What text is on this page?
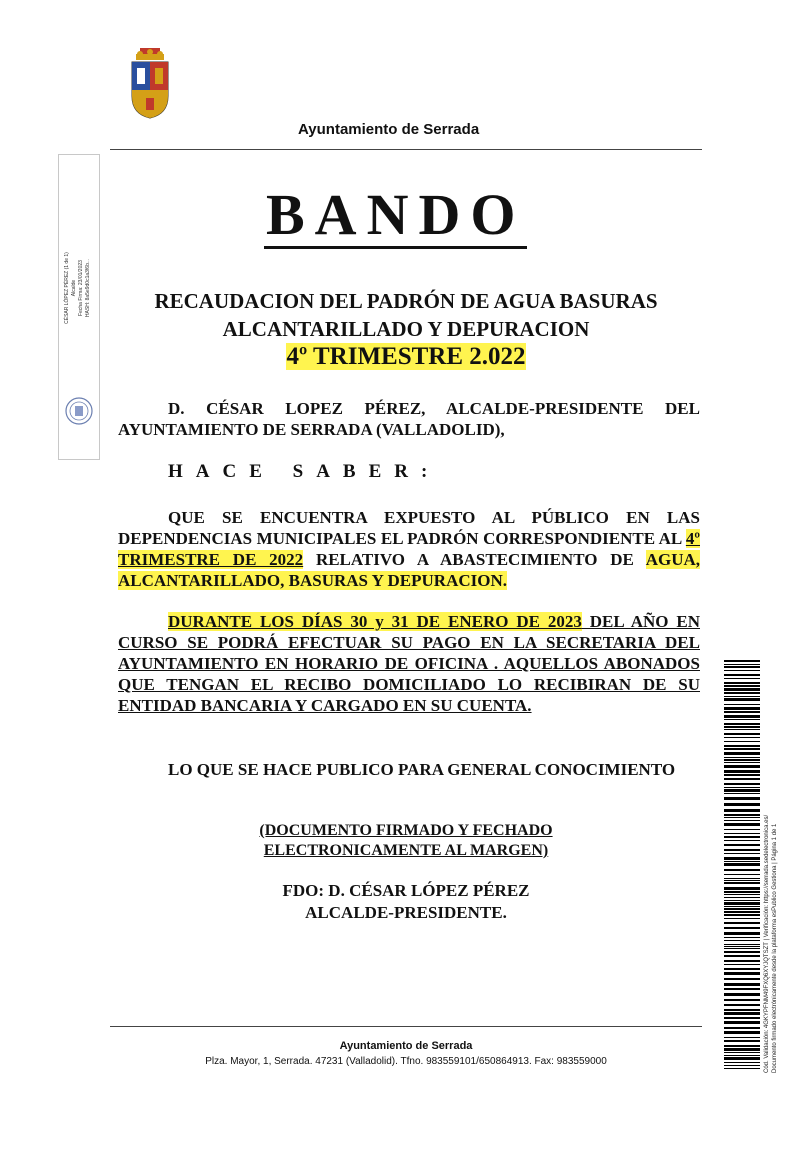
Ayuntamiento de Serrada
CÉSAR LÓPEZ PÉREZ (1 de 1)
Alcalde
Fecha Firma: 23/01/2023
HASH: 8a5e9d0c1a3f6b...
BANDO
RECAUDACION DEL PADRÓN DE AGUA BASURAS
ALCANTARILLADO Y DEPURACION
4º TRIMESTRE 2.022
D. CÉSAR LOPEZ PÉREZ, ALCALDE-PRESIDENTE DEL AYUNTAMIENTO DE SERRADA (VALLADOLID),
HACE SABER:
QUE SE ENCUENTRA EXPUESTO AL PÚBLICO EN LAS DEPENDENCIAS MUNICIPALES EL PADRÓN CORRESPONDIENTE AL 4º TRIMESTRE DE 2022 RELATIVO A ABASTECIMIENTO DE AGUA, ALCANTARILLADO, BASURAS Y DEPURACION.
DURANTE LOS DÍAS 30 y 31 DE ENERO DE 2023 DEL AÑO EN CURSO SE PODRÁ EFECTUAR SU PAGO EN LA SECRETARIA DEL AYUNTAMIENTO EN HORARIO DE OFICINA . AQUELLOS ABONADOS QUE TENGAN EL RECIBO DOMICILIADO LO RECIBIRAN DE SU ENTIDAD BANCARIA Y CARGADO EN SU CUENTA.
LO QUE SE HACE PUBLICO PARA GENERAL CONOCIMIENTO
(DOCUMENTO FIRMADO Y FECHADO
ELECTRONICAMENTE AL MARGEN)
FDO: D. CÉSAR LÓPEZ PÉREZ
ALCALDE-PRESIDENTE.
Ayuntamiento de Serrada
Plza. Mayor, 1, Serrada. 47231 (Valladolid). Tfno. 983559101/650864913. Fax: 983559000	Cód. Validación: 4GKYPFNM49FXQ6XYJQTSZT | Verificación: https://serrada.sedelectronica.es/ Documento firmado electrónicamente desde la plataforma esPublico Gestiona | Página 1 de 1
